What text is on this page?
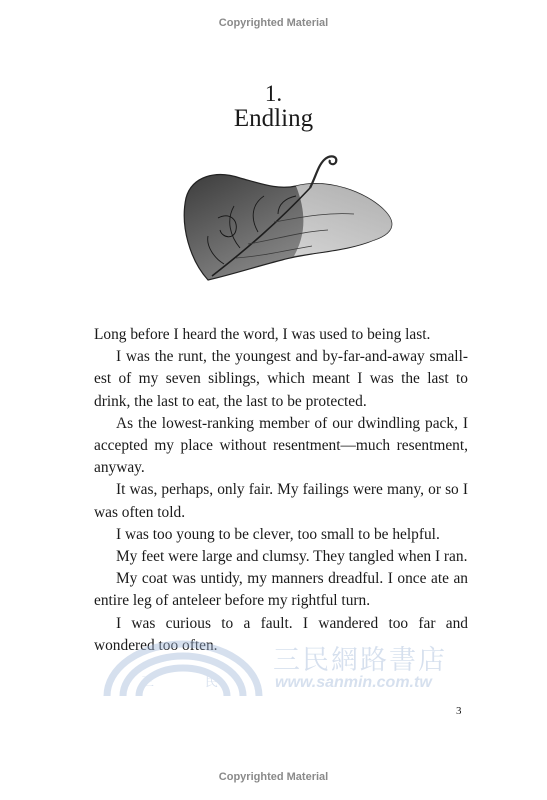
Copyrighted Material
1.
Endling

Long before I heard the word, I was used to being last.

I was the runt, the youngest and by-far-and-away small-est of my seven siblings, which meant I was the last to drink, the last to eat, the last to be protected.

As the lowest-ranking member of our dwindling pack, I accepted my place without resentment—much resentment, anyway.

It was, perhaps, only fair. My failings were many, or so I was often told.

I was too young to be clever, too small to be helpful.

My feet were large and clumsy. They tangled when I ran.

My coat was untidy, my manners dreadful. I once ate an entire leg of anteleer before my rightful turn.

I was curious to a fault. I wandered too far and wondered too often.

三	民
三民網路書店
www.sanmin.com.tw
3
Copyrighted Material
